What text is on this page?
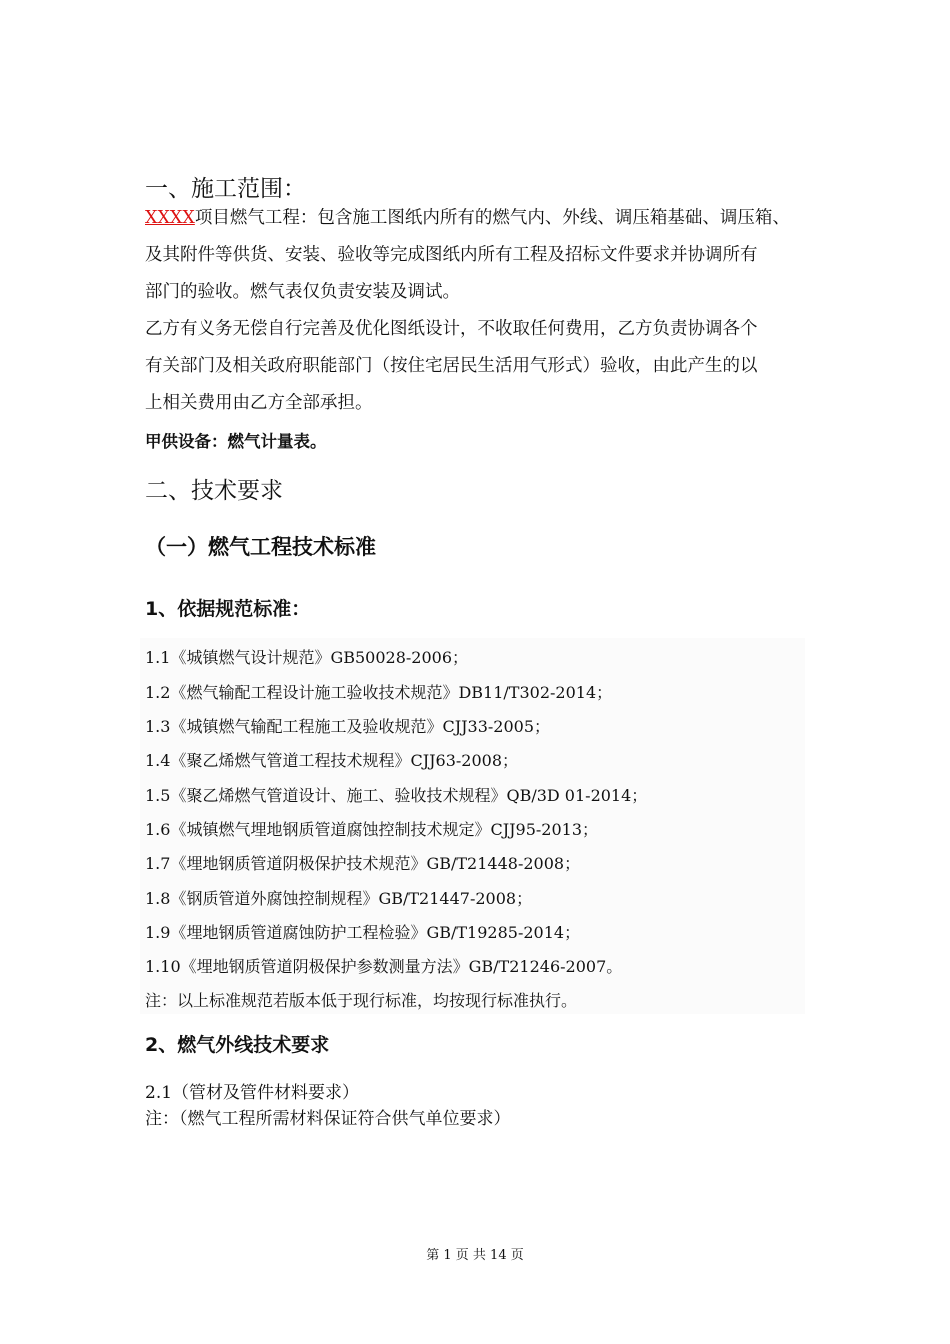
一、施工范围：
XXXX项目燃气工程：包含施工图纸内所有的燃气内、外线、调压箱基础、调压箱、
及其附件等供货、安装、验收等完成图纸内所有工程及招标文件要求并协调所有
部门的验收。燃气表仅负责安装及调试。
乙方有义务无偿自行完善及优化图纸设计，不收取任何费用，乙方负责协调各个
有关部门及相关政府职能部门（按住宅居民生活用气形式）验收，由此产生的以
上相关费用由乙方全部承担。
甲供设备：燃气计量表。
二、技术要求
（一）燃气工程技术标准
1、依据规范标准：
1.1《城镇燃气设计规范》GB50028-2006；
1.2《燃气输配工程设计施工验收技术规范》DB11/T302-2014；
1.3《城镇燃气输配工程施工及验收规范》CJJ33-2005；
1.4《聚乙烯燃气管道工程技术规程》CJJ63-2008；
1.5《聚乙烯燃气管道设计、施工、验收技术规程》QB/3D 01-2014；
1.6《城镇燃气埋地钢质管道腐蚀控制技术规定》CJJ95-2013；
1.7《埋地钢质管道阴极保护技术规范》GB/T21448-2008；
1.8《钢质管道外腐蚀控制规程》GB/T21447-2008；
1.9《埋地钢质管道腐蚀防护工程检验》GB/T19285-2014；
1.10《埋地钢质管道阴极保护参数测量方法》GB/T21246-2007。
注：以上标准规范若版本低于现行标准，均按现行标准执行。
2、燃气外线技术要求
2.1（管材及管件材料要求）
注：（燃气工程所需材料保证符合供气单位要求）
第 1 页 共 14 页
